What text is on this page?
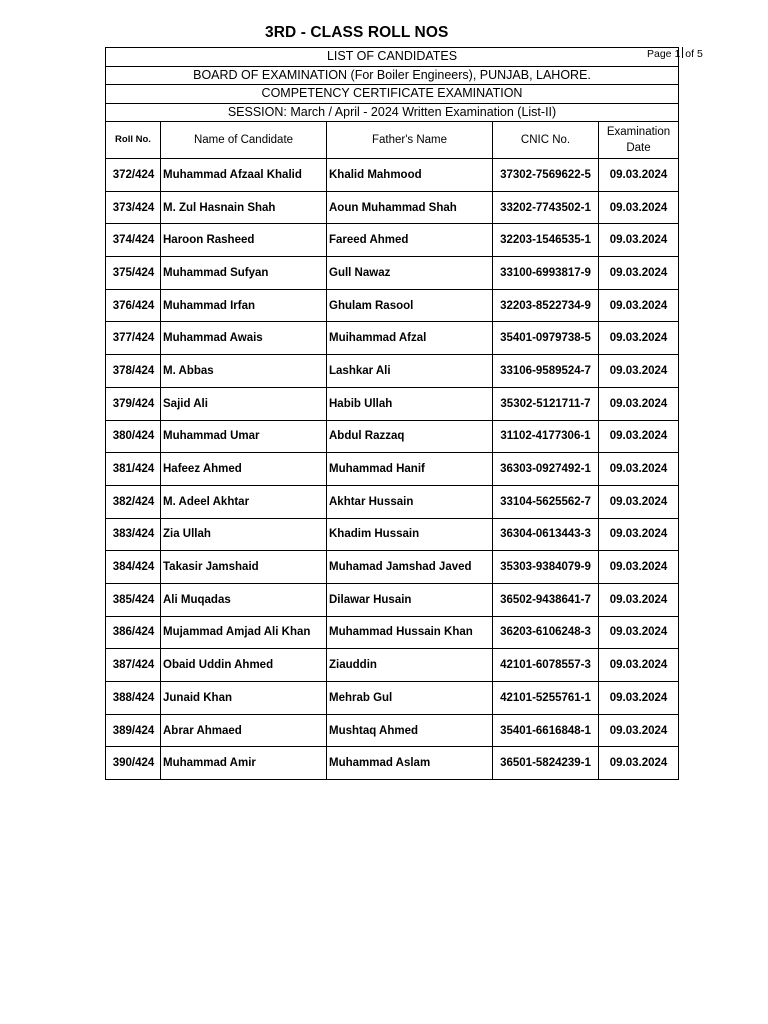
3RD - CLASS ROLL NOS
Page 1 of 5
LIST OF CANDIDATES				
BOARD OF EXAMINATION (For Boiler Engineers), PUNJAB, LAHORE.				
COMPETENCY CERTIFICATE EXAMINATION				
SESSION: March / April - 2024 Written Examination (List-II)				
Roll No.	Name of Candidate	Father's Name	CNIC No.	Examination
Date
372/424	Muhammad Afzaal Khalid	Khalid Mahmood	37302-7569622-5	09.03.2024
373/424	M. Zul Hasnain Shah	Aoun Muhammad Shah	33202-7743502-1	09.03.2024
374/424	Haroon Rasheed	Fareed Ahmed	32203-1546535-1	09.03.2024
375/424	Muhammad Sufyan	Gull Nawaz	33100-6993817-9	09.03.2024
376/424	Muhammad Irfan	Ghulam Rasool	32203-8522734-9	09.03.2024
377/424	Muhammad Awais	Muihammad Afzal	35401-0979738-5	09.03.2024
378/424	M. Abbas	Lashkar Ali	33106-9589524-7	09.03.2024
379/424	Sajid Ali	Habib Ullah	35302-5121711-7	09.03.2024
380/424	Muhammad Umar	Abdul Razzaq	31102-4177306-1	09.03.2024
381/424	Hafeez Ahmed	Muhammad Hanif	36303-0927492-1	09.03.2024
382/424	M. Adeel Akhtar	Akhtar Hussain	33104-5625562-7	09.03.2024
383/424	Zia Ullah	Khadim Hussain	36304-0613443-3	09.03.2024
384/424	Takasir Jamshaid	Muhamad Jamshad Javed	35303-9384079-9	09.03.2024
385/424	Ali Muqadas	Dilawar Husain	36502-9438641-7	09.03.2024
386/424	Mujammad Amjad Ali Khan	Muhammad Hussain Khan	36203-6106248-3	09.03.2024
387/424	Obaid Uddin Ahmed	Ziauddin	42101-6078557-3	09.03.2024
388/424	Junaid Khan	Mehrab Gul	42101-5255761-1	09.03.2024
389/424	Abrar Ahmaed	Mushtaq Ahmed	35401-6616848-1	09.03.2024
390/424	Muhammad Amir	Muhammad Aslam	36501-5824239-1	09.03.2024
